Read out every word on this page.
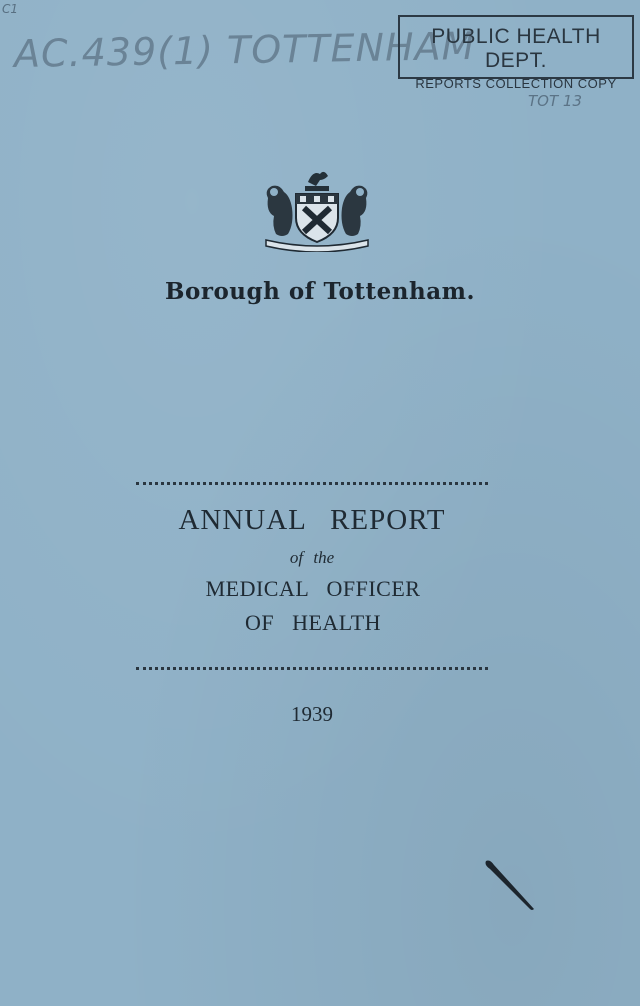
C1
AC.439(1) TOTTENHAM
PUBLIC HEALTH DEPT.
REPORTS COLLECTION COPY
TOT 13
Borough of Tottenham.
ANNUAL REPORT
of the
MEDICAL OFFICER
OF HEALTH
1939
